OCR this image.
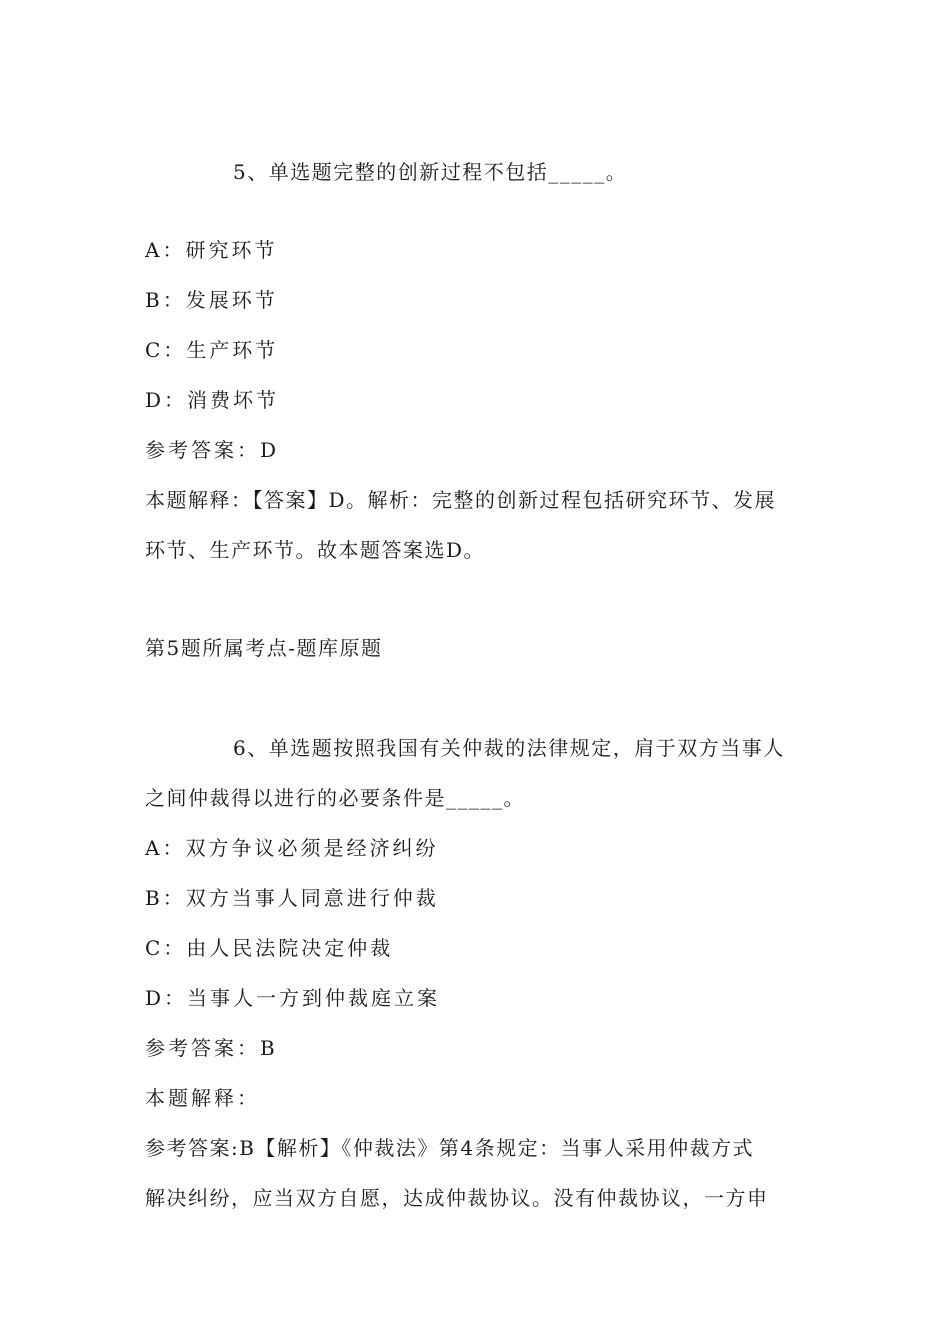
5、单选题完整的创新过程不包括_____。
A：研究环节
B：发展环节
C：生产环节
D：消费坏节
参考答案：D
本题解释：【答案】D。解析：完整的创新过程包括研究环节、发展
环节、生产环节。故本题答案选D。
第5题所属考点-题库原题
6、单选题按照我国有关仲裁的法律规定，肩于双方当事人
之间仲裁得以进行的必要条件是_____。
A：双方争议必须是经济纠纷
B：双方当事人同意进行仲裁
C：由人民法院决定仲裁
D：当事人一方到仲裁庭立案
参考答案：B
本题解释：
参考答案:B【解析】《仲裁法》第4条规定：当事人采用仲裁方式
解决纠纷，应当双方自愿，达成仲裁协议。没有仲裁协议，一方申
